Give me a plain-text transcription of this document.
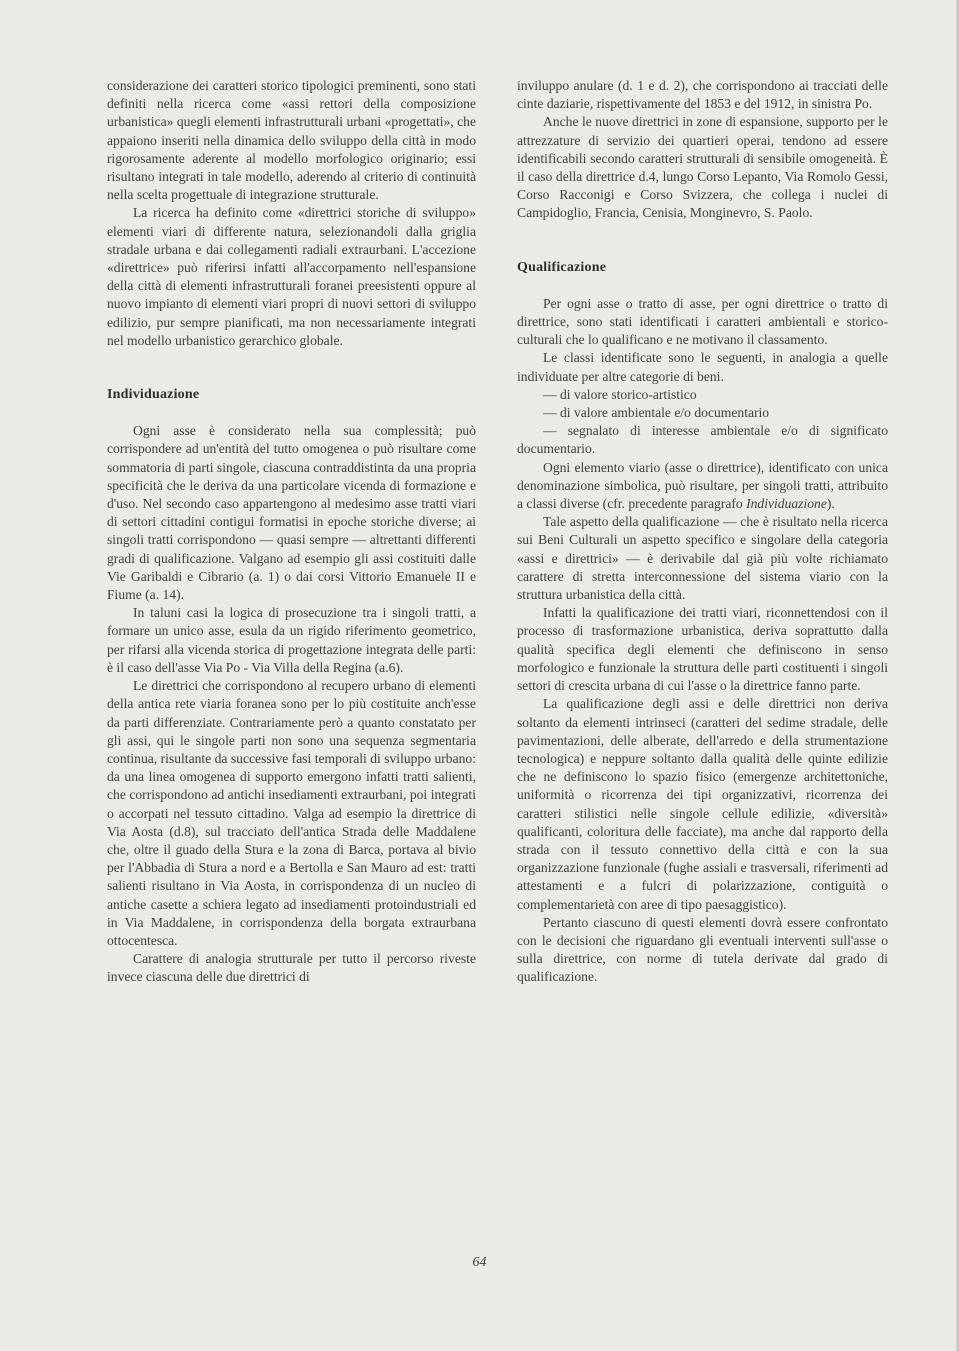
considerazione dei caratteri storico tipologici preminenti, sono stati definiti nella ricerca come «assi rettori della composizione urbanistica» quegli elementi infrastrutturali urbani «progettati», che appaiono inseriti nella dinamica dello sviluppo della città in modo rigorosamente aderente al modello morfologico originario; essi risultano integrati in tale modello, aderendo al criterio di continuità nella scelta progettuale di integrazione strutturale.

La ricerca ha definito come «direttrici storiche di sviluppo» elementi viari di differente natura, selezionandoli dalla griglia stradale urbana e dai collegamenti radiali extraurbani. L'accezione «direttrice» può riferirsi infatti all'accorpamento nell'espansione della città di elementi infrastrutturali foranei preesistenti oppure al nuovo impianto di elementi viari propri di nuovi settori di sviluppo edilizio, pur sempre pianificati, ma non necessariamente integrati nel modello urbanistico gerarchico globale.

Individuazione

Ogni asse è considerato nella sua complessità; può corrispondere ad un'entità del tutto omogenea o può risultare come sommatoria di parti singole, ciascuna contraddistinta da una propria specificità che le deriva da una particolare vicenda di formazione e d'uso. Nel secondo caso appartengono al medesimo asse tratti viari di settori cittadini contigui formatisi in epoche storiche diverse; ai singoli tratti corrispondono — quasi sempre — altrettanti differenti gradi di qualificazione. Valgano ad esempio gli assi costituiti dalle Vie Garibaldi e Cibrario (a. 1) o dai corsi Vittorio Emanuele II e Fiume (a. 14).

In taluni casi la logica di prosecuzione tra i singoli tratti, a formare un unico asse, esula da un rigido riferimento geometrico, per rifarsi alla vicenda storica di progettazione integrata delle parti: è il caso dell'asse Via Po - Via Villa della Regina (a.6).

Le direttrici che corrispondono al recupero urbano di elementi della antica rete viaria foranea sono per lo più costituite anch'esse da parti differenziate. Contrariamente però a quanto constatato per gli assi, qui le singole parti non sono una sequenza segmentaria continua, risultante da successive fasi temporali di sviluppo urbano: da una linea omogenea di supporto emergono infatti tratti salienti, che corrispondono ad antichi insediamenti extraurbani, poi integrati o accorpati nel tessuto cittadino. Valga ad esempio la direttrice di Via Aosta (d.8), sul tracciato dell'antica Strada delle Maddalene che, oltre il guado della Stura e la zona di Barca, portava al bivio per l'Abbadia di Stura a nord e a Bertolla e San Mauro ad est: tratti salienti risultano in Via Aosta, in corrispondenza di un nucleo di antiche casette a schiera legato ad insediamenti protoindustriali ed in Via Maddalene, in corrispondenza della borgata extraurbana ottocentesca.

Carattere di analogia strutturale per tutto il percorso riveste invece ciascuna delle due direttrici di

inviluppo anulare (d. 1 e d. 2), che corrispondono ai tracciati delle cinte daziarie, rispettivamente del 1853 e del 1912, in sinistra Po.

Anche le nuove direttrici in zone di espansione, supporto per le attrezzature di servizio dei quartieri operai, tendono ad essere identificabili secondo caratteri strutturali di sensibile omogeneità. È il caso della direttrice d.4, lungo Corso Lepanto, Via Romolo Gessi, Corso Racconigi e Corso Svizzera, che collega i nuclei di Campidoglio, Francia, Cenisia, Monginevro, S. Paolo.

Qualificazione

Per ogni asse o tratto di asse, per ogni direttrice o tratto di direttrice, sono stati identificati i caratteri ambientali e storico-culturali che lo qualificano e ne motivano il classamento.

Le classi identificate sono le seguenti, in analogia a quelle individuate per altre categorie di beni.

— di valore storico-artistico

— di valore ambientale e/o documentario

— segnalato di interesse ambientale e/o di significato documentario.

Ogni elemento viario (asse o direttrice), identificato con unica denominazione simbolica, può risultare, per singoli tratti, attribuito a classi diverse (cfr. precedente paragrafo Individuazione).

Tale aspetto della qualificazione — che è risultato nella ricerca sui Beni Culturali un aspetto specifico e singolare della categoria «assi e direttrici» — è derivabile dal già più volte richiamato carattere di stretta interconnessione del sistema viario con la struttura urbanistica della città.

Infatti la qualificazione dei tratti viari, riconnettendosi con il processo di trasformazione urbanistica, deriva soprattutto dalla qualità specifica degli elementi che definiscono in senso morfologico e funzionale la struttura delle parti costituenti i singoli settori di crescita urbana di cui l'asse o la direttrice fanno parte.

La qualificazione degli assi e delle direttrici non deriva soltanto da elementi intrinseci (caratteri del sedime stradale, delle pavimentazioni, delle alberate, dell'arredo e della strumentazione tecnologica) e neppure soltanto dalla qualità delle quinte edilizie che ne definiscono lo spazio fisico (emergenze architettoniche, uniformità o ricorrenza dei tipi organizzativi, ricorrenza dei caratteri stilistici nelle singole cellule edilizie, «diversità» qualificanti, coloritura delle facciate), ma anche dal rapporto della strada con il tessuto connettivo della città e con la sua organizzazione funzionale (fughe assiali e trasversali, riferimenti ad attestamenti e a fulcri di polarizzazione, contiguità o complementarietà con aree di tipo paesaggistico).

Pertanto ciascuno di questi elementi dovrà essere confrontato con le decisioni che riguardano gli eventuali interventi sull'asse o sulla direttrice, con norme di tutela derivate dal grado di qualificazione.

64
